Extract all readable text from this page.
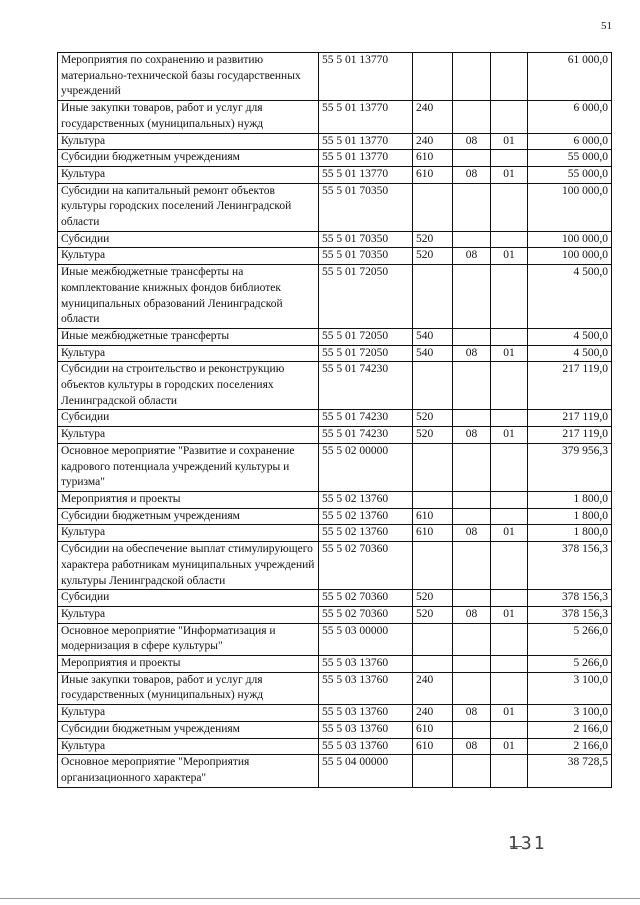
51
Мероприятия по сохранению и развитию материально-технической базы государственных учреждений	55 5 01 13770				61 000,0
Иные закупки товаров, работ и услуг для государственных (муниципальных) нужд	55 5 01 13770	240			6 000,0
Культура	55 5 01 13770	240	08	01	6 000,0
Субсидии бюджетным учреждениям	55 5 01 13770	610			55 000,0
Культура	55 5 01 13770	610	08	01	55 000,0
Субсидии на капитальный ремонт объектов культуры городских поселений Ленинградской области	55 5 01 70350				100 000,0
Субсидии	55 5 01 70350	520			100 000,0
Культура	55 5 01 70350	520	08	01	100 000,0
Иные межбюджетные трансферты на комплектование книжных фондов библиотек муниципальных образований Ленинградской области	55 5 01 72050				4 500,0
Иные межбюджетные трансферты	55 5 01 72050	540			4 500,0
Культура	55 5 01 72050	540	08	01	4 500,0
Субсидии на строительство и реконструкцию объектов культуры в городских поселениях Ленинградской области	55 5 01 74230				217 119,0
Субсидии	55 5 01 74230	520			217 119,0
Культура	55 5 01 74230	520	08	01	217 119,0
Основное мероприятие "Развитие и сохранение кадрового потенциала учреждений культуры и туризма"	55 5 02 00000				379 956,3
Мероприятия и проекты	55 5 02 13760				1 800,0
Субсидии бюджетным учреждениям	55 5 02 13760	610			1 800,0
Культура	55 5 02 13760	610	08	01	1 800,0
Субсидии на обеспечение выплат стимулирующего характера работникам муниципальных учреждений культуры Ленинградской области	55 5 02 70360				378 156,3
Субсидии	55 5 02 70360	520			378 156,3
Культура	55 5 02 70360	520	08	01	378 156,3
Основное мероприятие "Информатизация и модернизация в сфере культуры"	55 5 03 00000				5 266,0
Мероприятия и проекты	55 5 03 13760				5 266,0
Иные закупки товаров, работ и услуг для государственных (муниципальных) нужд	55 5 03 13760	240			3 100,0
Культура	55 5 03 13760	240	08	01	3 100,0
Субсидии бюджетным учреждениям	55 5 03 13760	610			2 166,0
Культура	55 5 03 13760	610	08	01	2 166,0
Основное мероприятие "Мероприятия организационного характера"	55 5 04 00000				38 728,5
131
